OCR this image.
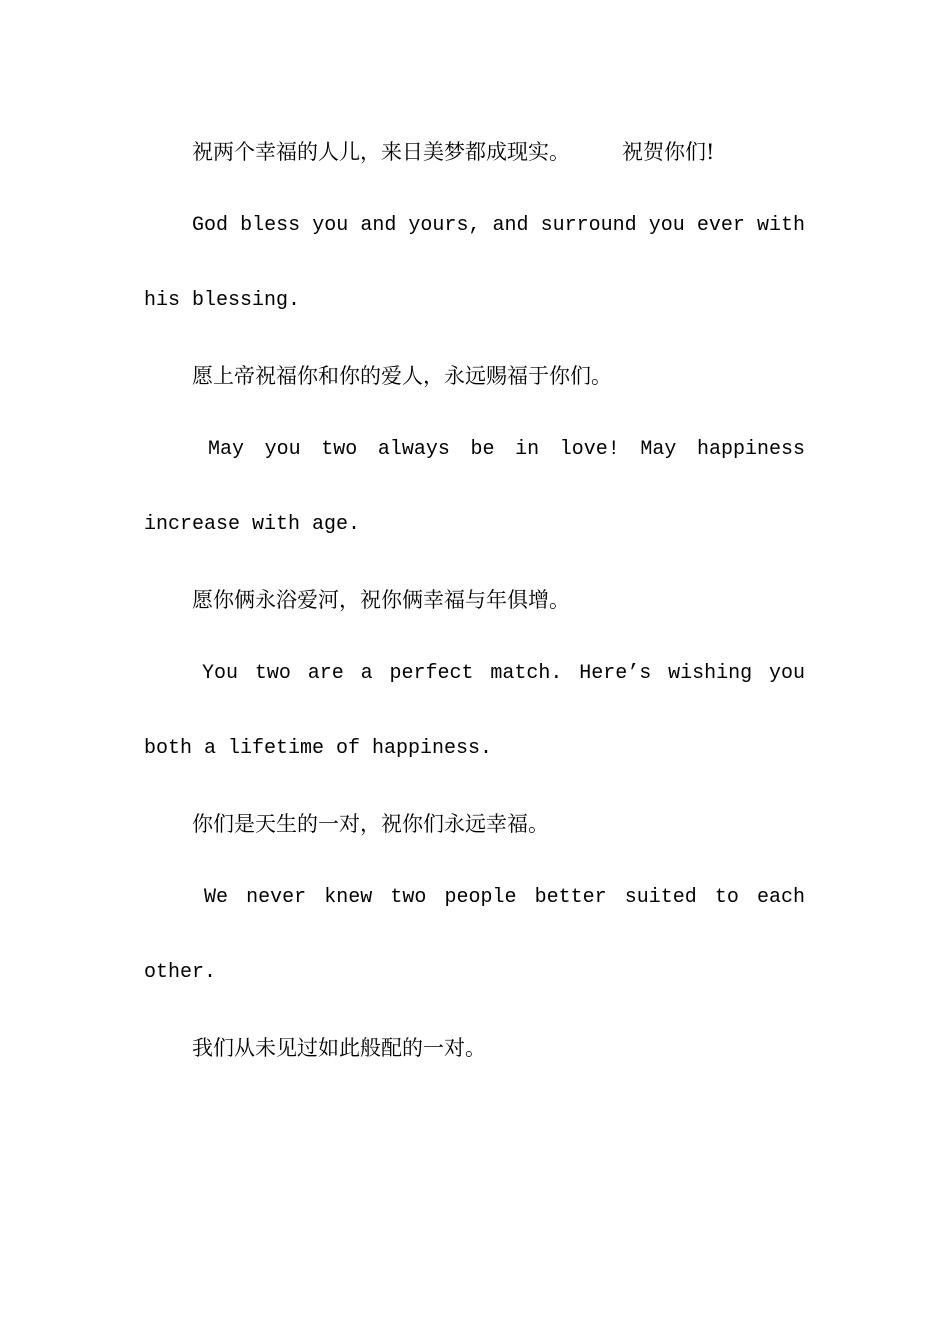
祝两个幸福的人儿，来日美梦都成现实。 祝贺你们!
God bless you and yours, and surround you ever with
his blessing.
愿上帝祝福你和你的爱人，永远赐福于你们。
May you two always be in love! May happiness
increase with age.
愿你俩永浴爱河，祝你俩幸福与年俱增。
You two are a perfect match. Here’s wishing you
both a lifetime of happiness.
你们是天生的一对，祝你们永远幸福。
We never knew two people better suited to each
other.
我们从未见过如此般配的一对。
